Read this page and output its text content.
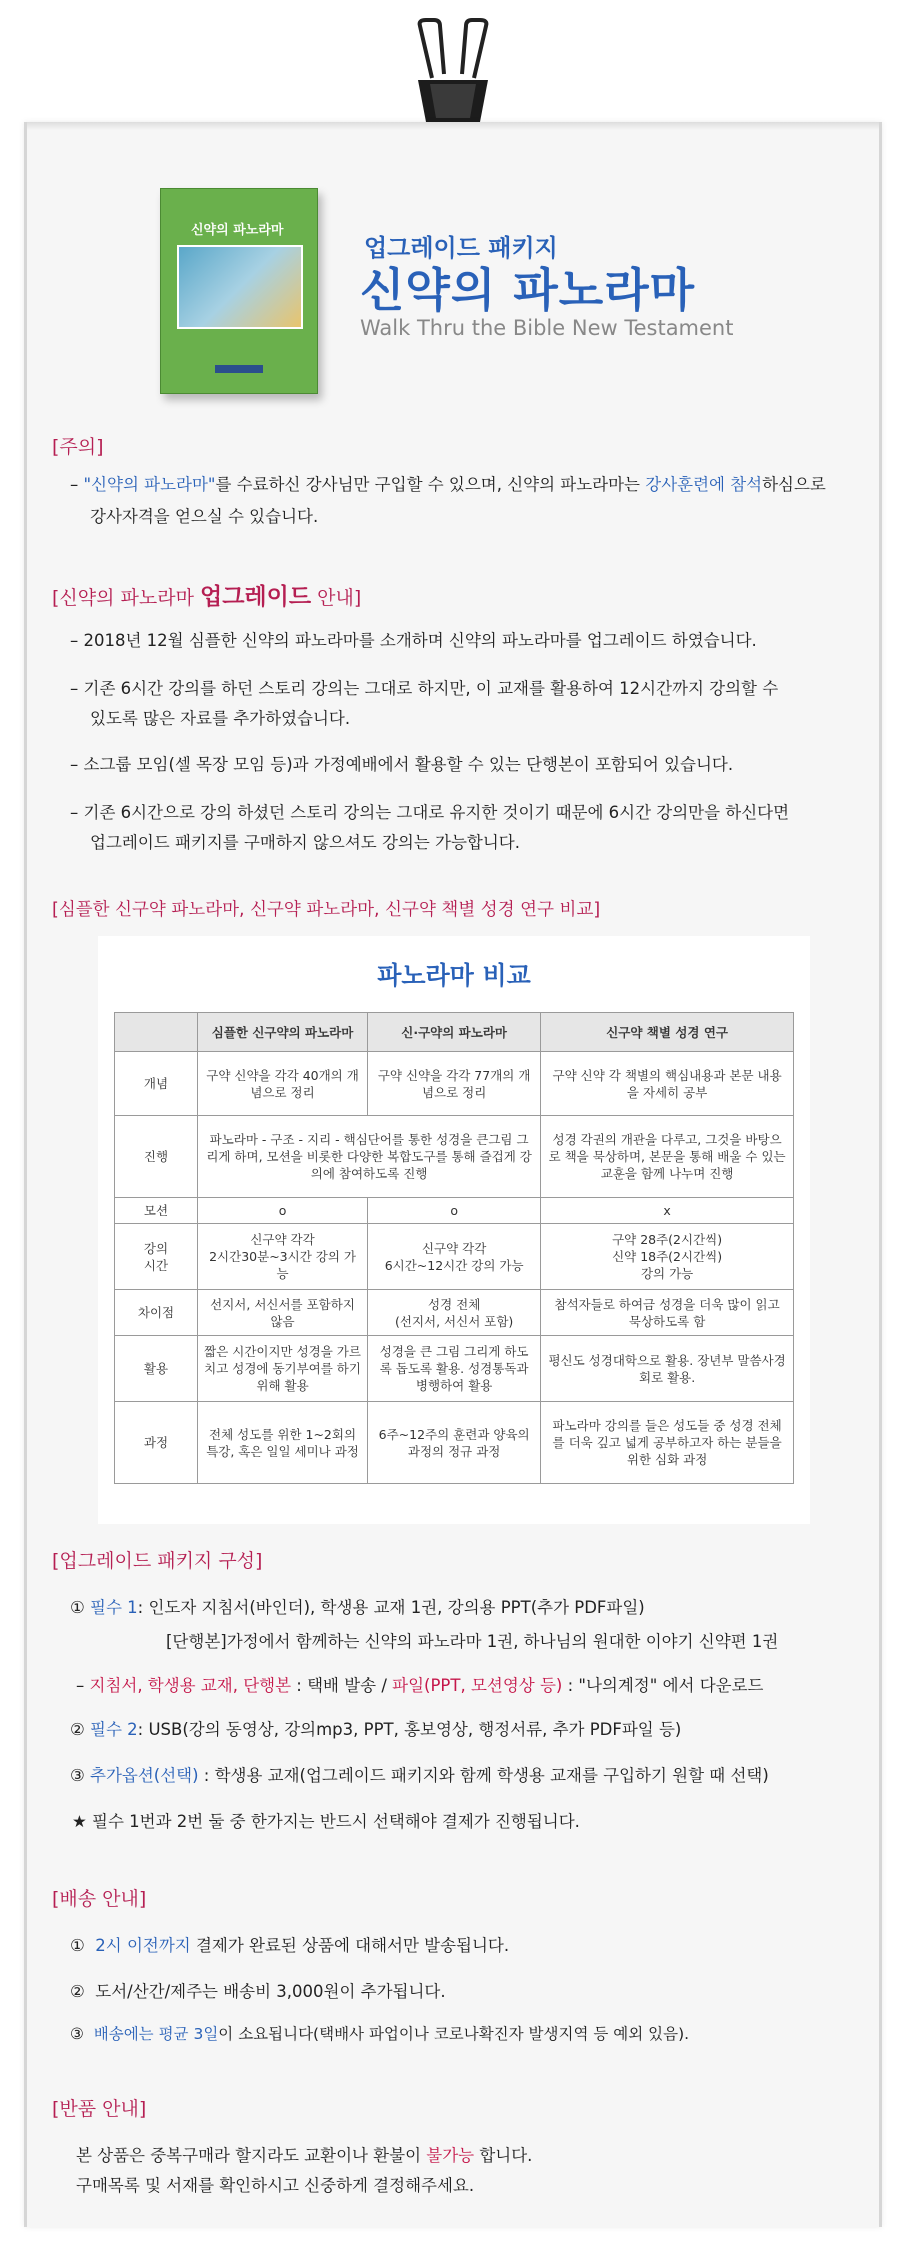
신약의 파노라마
업그레이드 패키지
신약의 파노라마
Walk Thru the Bible New Testament
[주의]
– "신약의 파노라마"를 수료하신 강사님만 구입할 수 있으며, 신약의 파노라마는 강사훈련에 참석하심으로
강사자격을 얻으실 수 있습니다.
[신약의 파노라마 업그레이드 안내]
– 2018년 12월 심플한 신약의 파노라마를 소개하며 신약의 파노라마를 업그레이드 하였습니다.
– 기존 6시간 강의를 하던 스토리 강의는 그대로 하지만, 이 교재를 활용하여 12시간까지 강의할 수
있도록 많은 자료를 추가하였습니다.
– 소그룹 모임(셀 목장 모임 등)과 가정예배에서 활용할 수 있는 단행본이 포함되어 있습니다.
– 기존 6시간으로 강의 하셨던 스토리 강의는 그대로 유지한 것이기 때문에 6시간 강의만을 하신다면
업그레이드 패키지를 구매하지 않으셔도 강의는 가능합니다.
[심플한 신구약 파노라마, 신구약 파노라마, 신구약 책별 성경 연구 비교]
파노라마 비교
	심플한 신구약의 파노라마	신·구약의 파노라마	신구약 책별 성경 연구
개념	구약 신약을 각각 40개의 개념으로 정리	구약 신약을 각각 77개의 개념으로 정리	구약 신약 각 책별의 핵심내용과 본문 내용을 자세히 공부
진행	파노라마 - 구조 - 지리 - 핵심단어를 통한 성경을 큰그림 그리게 하며, 모션을 비롯한 다양한 복합도구를 통해 즐겁게 강의에 참여하도록 진행		성경 각권의 개관을 다루고, 그것을 바탕으로 책을 묵상하며, 본문을 통해 배울 수 있는 교훈을 함께 나누며 진행
모션	o	o	x
강의
시간	신구약 각각
2시간30분~3시간 강의 가능	신구약 각각
6시간~12시간 강의 가능	구약 28주(2시간씩)
신약 18주(2시간씩)
강의 가능
차이점	선지서, 서신서를 포함하지 않음	성경 전체
(선지서, 서신서 포함)	참석자들로 하여금 성경을 더욱 많이 읽고 묵상하도록 함
활용	짧은 시간이지만 성경을 가르치고 성경에 동기부여를 하기 위해 활용	성경을 큰 그림 그리게 하도록 돕도록 활용. 성경통독과 병행하여 활용	평신도 성경대학으로 활용. 장년부 말씀사경회로 활용.
과정	전체 성도를 위한 1~2회의 특강, 혹은 일일 세미나 과정	6주~12주의 훈련과 양육의 과정의 정규 과정	파노라마 강의를 들은 성도들 중 성경 전체를 더욱 깊고 넓게 공부하고자 하는 분들을 위한 심화 과정
[업그레이드 패키지 구성]
① 필수 1: 인도자 지침서(바인더), 학생용 교재 1권, 강의용 PPT(추가 PDF파일)
[단행본]가정에서 함께하는 신약의 파노라마 1권, 하나님의 원대한 이야기 신약편 1권
– 지침서, 학생용 교재, 단행본 : 택배 발송 / 파일(PPT, 모션영상 등) : "나의계정" 에서 다운로드
② 필수 2: USB(강의 동영상, 강의mp3, PPT, 홍보영상, 행정서류, 추가 PDF파일 등)
③ 추가옵션(선택) : 학생용 교재(업그레이드 패키지와 함께 학생용 교재를 구입하기 원할 때 선택)
★ 필수 1번과 2번 둘 중 한가지는 반드시 선택해야 결제가 진행됩니다.
[배송 안내]
① 2시 이전까지 결제가 완료된 상품에 대해서만 발송됩니다.
② 도서/산간/제주는 배송비 3,000원이 추가됩니다.
③ 배송에는 평균 3일이 소요됩니다(택배사 파업이나 코로나확진자 발생지역 등 예외 있음).
[반품 안내]
본 상품은 중복구매라 할지라도 교환이나 환불이 불가능 합니다.
구매목록 및 서재를 확인하시고 신중하게 결정해주세요.
